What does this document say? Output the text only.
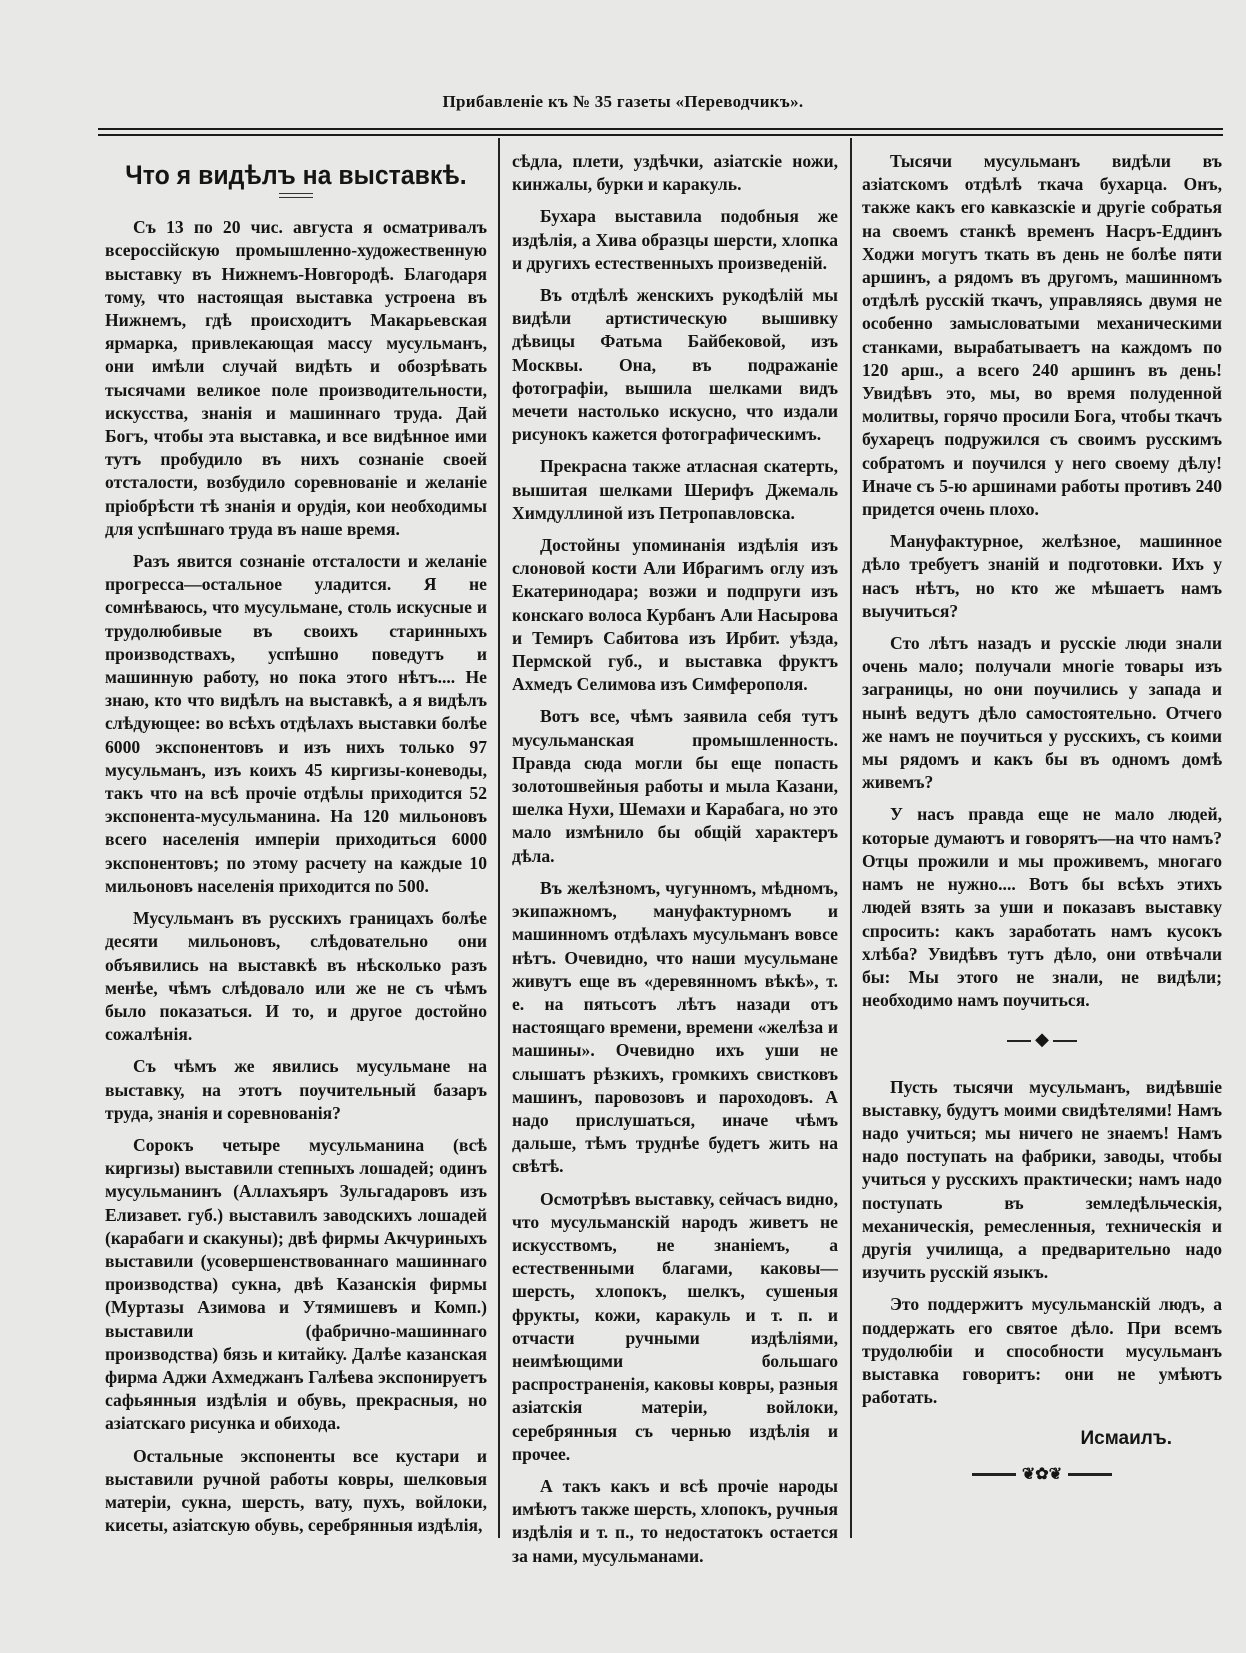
Прибавленіе къ № 35 газеты «Переводчикъ».
Что я видѣлъ на выставкѣ.

Съ 13 по 20 чис. августа я осматривалъ всероссійскую промышленно-художественную выставку въ Нижнемъ-Новгородѣ. Благодаря тому, что настоящая выставка устроена въ Нижнемъ, гдѣ происходитъ Макарьевская ярмарка, привлекающая массу мусульманъ, они имѣли случай видѣть и обозрѣвать тысячами великое поле производительности, искусства, знанія и машиннаго труда. Дай Богъ, чтобы эта выставка, и все видѣнное ими тутъ пробудило въ нихъ сознаніе своей отсталости, возбудило соревнованіе и желаніе пріобрѣсти тѣ знанія и орудія, кои необходимы для успѣшнаго труда въ наше время.

Разъ явится сознаніе отсталости и желаніе прогресса—остальное уладится. Я не сомнѣваюсь, что мусульмане, столь искусные и трудолюбивые въ своихъ старинныхъ производствахъ, успѣшно поведутъ и машинную работу, но пока этого нѣтъ.... Не знаю, кто что видѣлъ на выставкѣ, а я видѣлъ слѣдующее: во всѣхъ отдѣлахъ выставки болѣе 6000 экспонентовъ и изъ нихъ только 97 мусульманъ, изъ коихъ 45 киргизы-коневоды, такъ что на всѣ прочіе отдѣлы приходится 52 экспонента-мусульманина. На 120 мильоновъ всего населенія имперіи приходиться 6000 экспонентовъ; по этому расчету на каждые 10 мильоновъ населенія приходится по 500.

Мусульманъ въ русскихъ границахъ болѣе десяти мильоновъ, слѣдовательно они объявились на выставкѣ въ нѣсколько разъ менѣе, чѣмъ слѣдовало или же не съ чѣмъ было показаться. И то, и другое достойно сожалѣнія.

Съ чѣмъ же явились мусульмане на выставку, на этотъ поучительный базаръ труда, знанія и соревнованія?

Сорокъ четыре мусульманина (всѣ киргизы) выставили степныхъ лошадей; одинъ мусульманинъ (Аллахъяръ Зульгадаровъ изъ Елизавет. губ.) выставилъ заводскихъ лошадей (карабаги и скакуны); двѣ фирмы Акчуриныхъ выставили (усовершенствованнаго машиннаго производства) сукна, двѣ Казанскія фирмы (Муртазы Азимова и Утямишевъ и Комп.) выставили (фабрично-машиннаго производства) бязь и китайку. Далѣе казанская фирма Аджи Ахмеджанъ Галѣева экспонируетъ сафьянныя издѣлія и обувь, прекрасныя, но азіатскаго рисунка и обихода.

Остальные экспоненты все кустари и выставили ручной работы ковры, шелковыя матеріи, сукна, шерсть, вату, пухъ, войлоки, кисеты, азіатскую обувь, серебрянныя издѣлія,

сѣдла, плети, уздѣчки, азіатскіе ножи, кинжалы, бурки и каракуль.

Бухара выставила подобныя же издѣлія, а Хива образцы шерсти, хлопка и другихъ естественныхъ произведеній.

Въ отдѣлѣ женскихъ рукодѣлій мы видѣли артистическую вышивку дѣвицы Фатьма Байбековой, изъ Москвы. Она, въ подражаніе фотографіи, вышила шелками видъ мечети настолько искусно, что издали рисунокъ кажется фотографическимъ.

Прекрасна также атласная скатерть, вышитая шелками Шерифъ Джемаль Химдуллиной изъ Петропавловска.

Достойны упоминанія издѣлія изъ слоновой кости Али Ибрагимъ оглу изъ Екатеринодара; возжи и подпруги изъ конскаго волоса Курбанъ Али Насырова и Темиръ Сабитова изъ Ирбит. уѣзда, Пермской губ., и выставка фруктъ Ахмедъ Селимова изъ Симферополя.

Вотъ все, чѣмъ заявила себя тутъ мусульманская промышленность. Правда сюда могли бы еще попасть золотошвейныя работы и мыла Казани, шелка Нухи, Шемахи и Карабага, но это мало измѣнило бы общій характеръ дѣла.

Въ желѣзномъ, чугунномъ, мѣдномъ, экипажномъ, мануфактурномъ и машинномъ отдѣлахъ мусульманъ вовсе нѣтъ. Очевидно, что наши мусульмане живутъ еще въ «деревянномъ вѣкѣ», т. е. на пятьсотъ лѣтъ назади отъ настоящаго времени, времени «желѣза и машины». Очевидно ихъ уши не слышатъ рѣзкихъ, громкихъ свистковъ машинъ, паровозовъ и пароходовъ. А надо прислушаться, иначе чѣмъ дальше, тѣмъ труднѣе будетъ жить на свѣтѣ.

Осмотрѣвъ выставку, сейчасъ видно, что мусульманскій народъ живетъ не искусствомъ, не знаніемъ, а естественными благами, каковы—шерсть, хлопокъ, шелкъ, сушеныя фрукты, кожи, каракуль и т. п. и отчасти ручными издѣліями, неимѣющими большаго распространенія, каковы ковры, разныя азіатскія матеріи, войлоки, серебрянныя съ чернью издѣлія и прочее.

А такъ какъ и всѣ прочіе народы имѣютъ также шерсть, хлопокъ, ручныя издѣлія и т. п., то недостатокъ остается за нами, мусульманами.

Тысячи мусульманъ видѣли въ азіатскомъ отдѣлѣ ткача бухарца. Онъ, также какъ его кавказскіе и другіе собратья на своемъ станкѣ временъ Насръ-Еддинъ Ходжи могутъ ткать въ день не болѣе пяти аршинъ, а рядомъ въ другомъ, машинномъ отдѣлѣ русскій ткачъ, управляясь двумя не особенно замысловатыми механическими станками, вырабатываетъ на каждомъ по 120 арш., а всего 240 аршинъ въ день! Увидѣвъ это, мы, во время полуденной молитвы, горячо просили Бога, чтобы ткачъ бухарецъ подружился съ своимъ русскимъ собратомъ и поучился у него своему дѣлу! Иначе съ 5-ю аршинами работы противъ 240 придется очень плохо.

Мануфактурное, желѣзное, машинное дѣло требуетъ знаній и подготовки. Ихъ у насъ нѣтъ, но кто же мѣшаетъ намъ выучиться?

Сто лѣтъ назадъ и русскіе люди знали очень мало; получали многіе товары изъ заграницы, но они поучились у запада и нынѣ ведутъ дѣло самостоятельно. Отчего же намъ не поучиться у русскихъ, съ коими мы рядомъ и какъ бы въ одномъ домѣ живемъ?

У насъ правда еще не мало людей, которые думаютъ и говорятъ—на что намъ? Отцы прожили и мы проживемъ, многаго намъ не нужно.... Вотъ бы всѣхъ этихъ людей взять за уши и показавъ выставку спросить: какъ заработать намъ кусокъ хлѣба? Увидѣвъ тутъ дѣло, они отвѣчали бы: Мы этого не знали, не видѣли; необходимо намъ поучиться.

◆

Пусть тысячи мусульманъ, видѣвшіе выставку, будутъ моими свидѣтелями! Намъ надо учиться; мы ничего не знаемъ! Намъ надо поступать на фабрики, заводы, чтобы учиться у русскихъ практически; намъ надо поступать въ земледѣльческія, механическія, ремесленныя, техническія и другія училища, а предварительно надо изучить русскій языкъ.

Это поддержитъ мусульманскій людъ, а поддержать его святое дѣло. При всемъ трудолюбіи и способности мусульманъ выставка говоритъ: они не умѣютъ работать.

Исмаилъ.
❦✿❦
